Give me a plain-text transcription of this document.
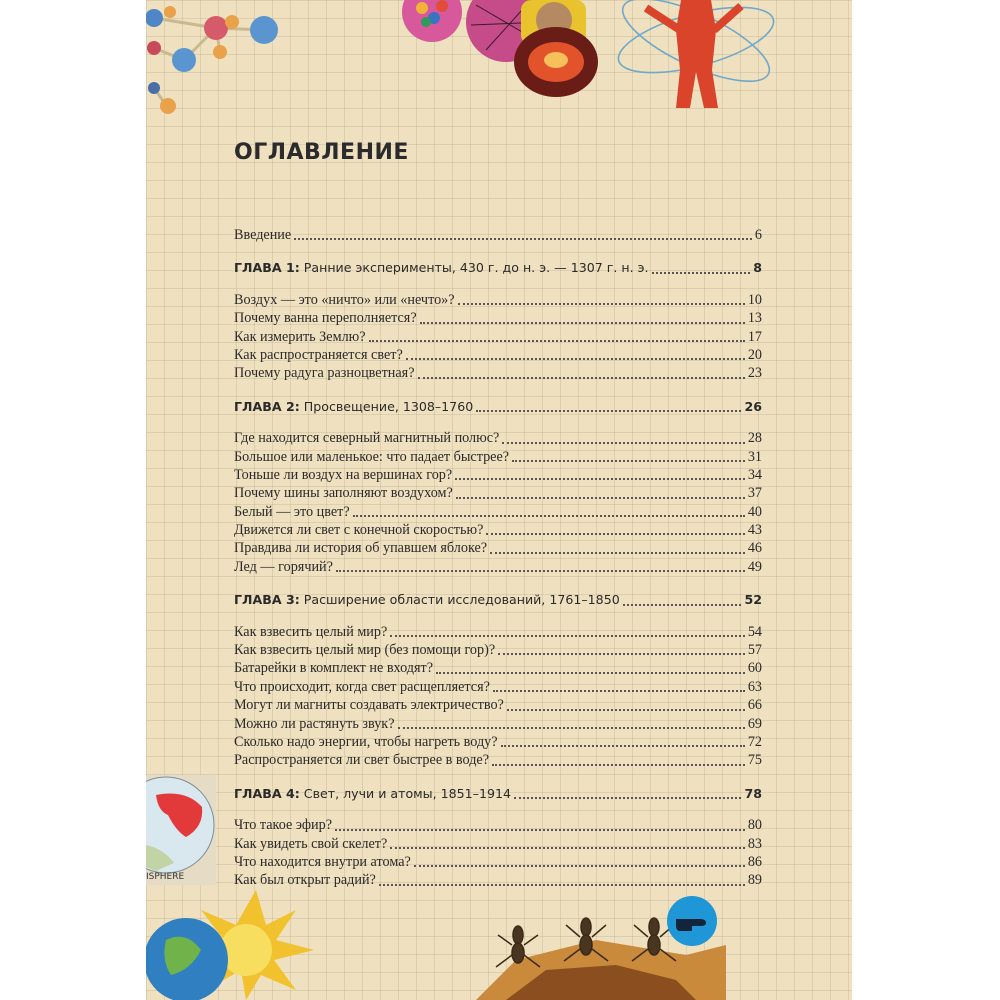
ОГЛАВЛЕНИЕ
Введение	6
ГЛАВА 1: Ранние эксперименты, 430 г. до н. э. — 1307 г. н. э.	8
Воздух — это «ничто» или «нечто»?	10
Почему ванна переполняется?	13
Как измерить Землю?	17
Как распространяется свет?	20
Почему радуга разноцветная?	23
ГЛАВА 2: Просвещение, 1308–1760	26
Где находится северный магнитный полюс?	28
Большое или маленькое: что падает быстрее?	31
Тоньше ли воздух на вершинах гор?	34
Почему шины заполняют воздухом?	37
Белый — это цвет?	40
Движется ли свет с конечной скоростью?	43
Правдива ли история об упавшем яблоке?	46
Лед — горячий?	49
ГЛАВА 3: Расширение области исследований, 1761–1850	52
Как взвесить целый мир?	54
Как взвесить целый мир (без помощи гор)?	57
Батарейки в комплект не входят?	60
Что происходит, когда свет расщепляется?	63
Могут ли магниты создавать электричество?	66
Можно ли растянуть звук?	69
Сколько надо энергии, чтобы нагреть воду?	72
Распространяется ли свет быстрее в воде?	75
ГЛАВА 4: Свет, лучи и атомы, 1851–1914	78
Что такое эфир?	80
Как увидеть свой скелет?	83
Что находится внутри атома?	86
Как был открыт радий?	89
ISPHERE
